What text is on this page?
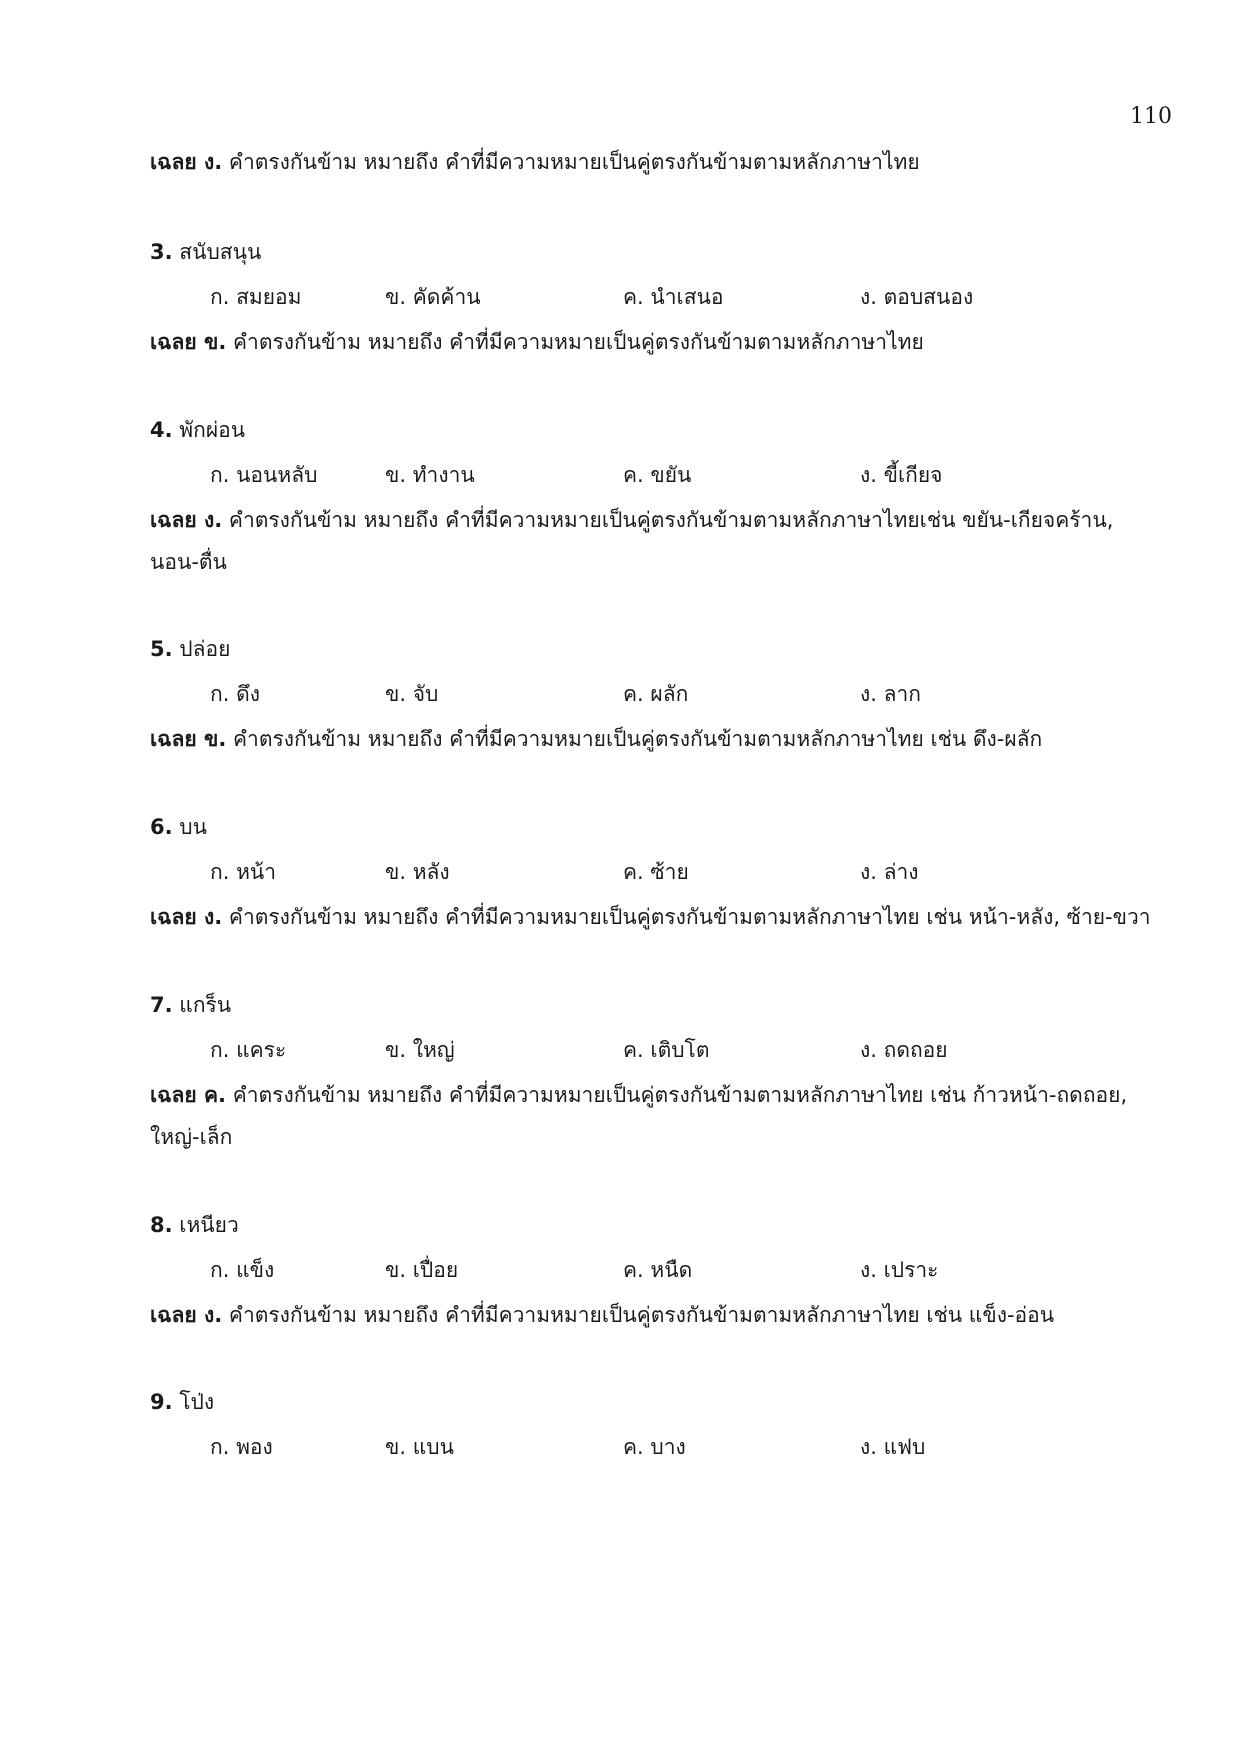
110
เฉลย ง. คำตรงกันข้าม หมายถึง คำที่มีความหมายเป็นคู่ตรงกันข้ามตามหลักภาษาไทย
3. สนับสนุน
ก. สมยอม	ข. คัดค้าน	ค. นำเสนอ	ง. ตอบสนอง
เฉลย ข. คำตรงกันข้าม หมายถึง คำที่มีความหมายเป็นคู่ตรงกันข้ามตามหลักภาษาไทย
4. พักผ่อน
ก. นอนหลับ	ข. ทำงาน	ค. ขยัน	ง. ขี้เกียจ
เฉลย ง. คำตรงกันข้าม หมายถึง คำที่มีความหมายเป็นคู่ตรงกันข้ามตามหลักภาษาไทยเช่น ขยัน-เกียจคร้าน,
นอน-ตื่น
5. ปล่อย
ก. ดึง	ข. จับ	ค. ผลัก	ง. ลาก
เฉลย ข. คำตรงกันข้าม หมายถึง คำที่มีความหมายเป็นคู่ตรงกันข้ามตามหลักภาษาไทย เช่น ดึง-ผลัก
6. บน
ก. หน้า	ข. หลัง	ค. ซ้าย	ง. ล่าง
เฉลย ง. คำตรงกันข้าม หมายถึง คำที่มีความหมายเป็นคู่ตรงกันข้ามตามหลักภาษาไทย เช่น หน้า-หลัง, ซ้าย-ขวา
7. แกร็น
ก. แคระ	ข. ใหญ่	ค. เติบโต	ง. ถดถอย
เฉลย ค. คำตรงกันข้าม หมายถึง คำที่มีความหมายเป็นคู่ตรงกันข้ามตามหลักภาษาไทย เช่น ก้าวหน้า-ถดถอย,
ใหญ่-เล็ก
8. เหนียว
ก. แข็ง	ข. เปื่อย	ค. หนืด	ง. เปราะ
เฉลย ง. คำตรงกันข้าม หมายถึง คำที่มีความหมายเป็นคู่ตรงกันข้ามตามหลักภาษาไทย เช่น แข็ง-อ่อน
9. โป่ง
ก. พอง	ข. แบน	ค. บาง	ง. แฟบ
